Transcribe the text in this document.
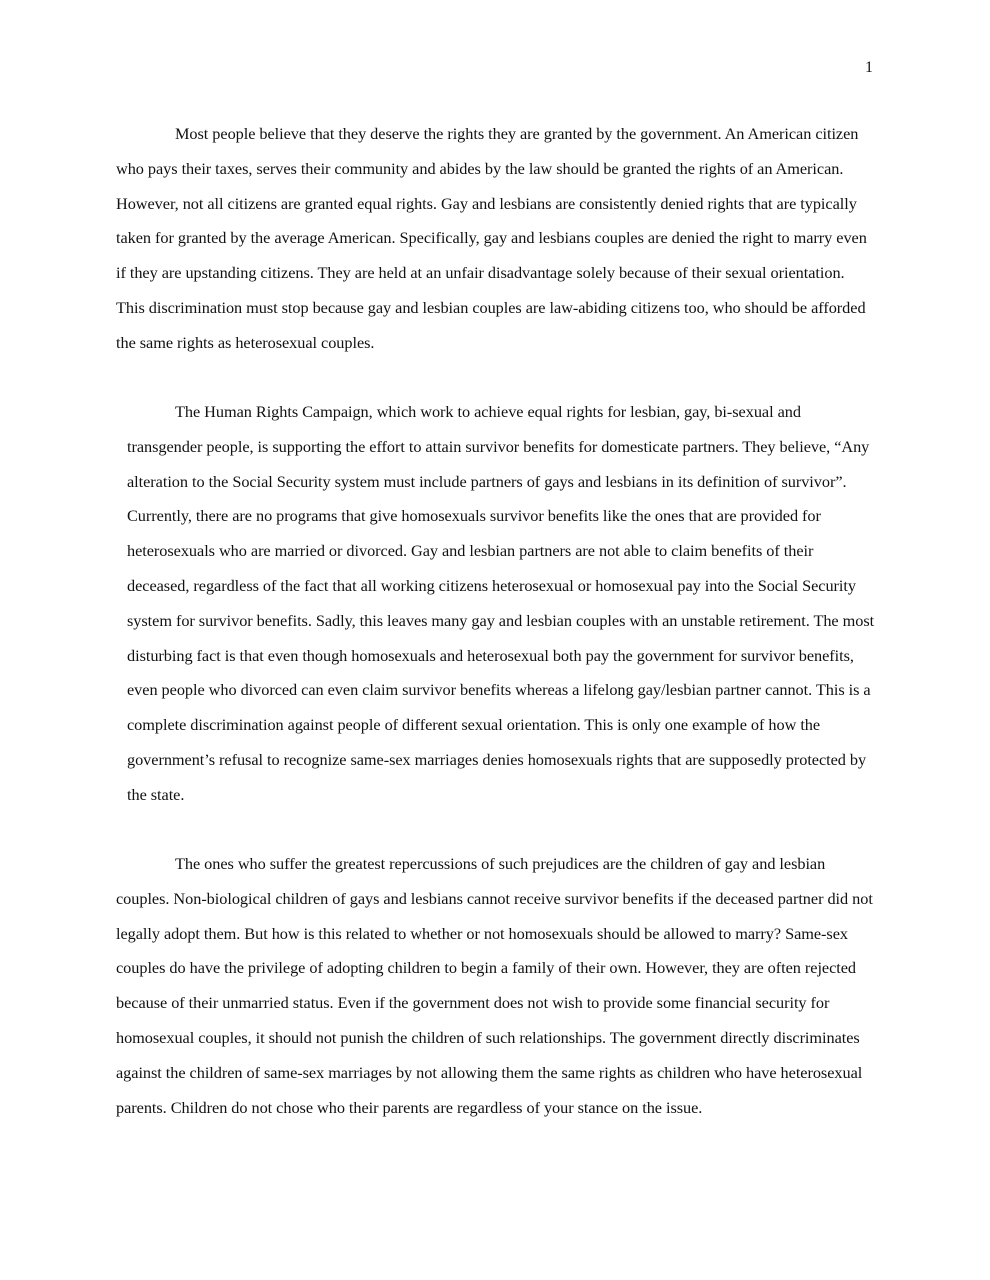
1

Most people believe that they deserve the rights they are granted by the government. An American citizen who pays their taxes, serves their community and abides by the law should be granted the rights of an American. However, not all citizens are granted equal rights. Gay and lesbians are consistently denied rights that are typically taken for granted by the average American. Specifically, gay and lesbians couples are denied the right to marry even if they are upstanding citizens. They are held at an unfair disadvantage solely because of their sexual orientation. This discrimination must stop because gay and lesbian couples are law-abiding citizens too, who should be afforded the same rights as heterosexual couples.

The Human Rights Campaign, which work to achieve equal rights for lesbian, gay, bi-sexual and transgender people, is supporting the effort to attain survivor benefits for domesticate partners. They believe, “Any alteration to the Social Security system must include partners of gays and lesbians in its definition of survivor”. Currently, there are no programs that give homosexuals survivor benefits like the ones that are provided for heterosexuals who are married or divorced. Gay and lesbian partners are not able to claim benefits of their deceased, regardless of the fact that all working citizens heterosexual or homosexual pay into the Social Security system for survivor benefits. Sadly, this leaves many gay and lesbian couples with an unstable retirement. The most disturbing fact is that even though homosexuals and heterosexual both pay the government for survivor benefits, even people who divorced can even claim survivor benefits whereas a lifelong gay/lesbian partner cannot. This is a complete discrimination against people of different sexual orientation. This is only one example of how the government’s refusal to recognize same-sex marriages denies homosexuals rights that are supposedly protected by the state.

The ones who suffer the greatest repercussions of such prejudices are the children of gay and lesbian couples. Non-biological children of gays and lesbians cannot receive survivor benefits if the deceased partner did not legally adopt them. But how is this related to whether or not homosexuals should be allowed to marry? Same-sex couples do have the privilege of adopting children to begin a family of their own. However, they are often rejected because of their unmarried status. Even if the government does not wish to provide some financial security for homosexual couples, it should not punish the children of such relationships. The government directly discriminates against the children of same-sex marriages by not allowing them the same rights as children who have heterosexual parents. Children do not chose who their parents are regardless of your stance on the issue.
